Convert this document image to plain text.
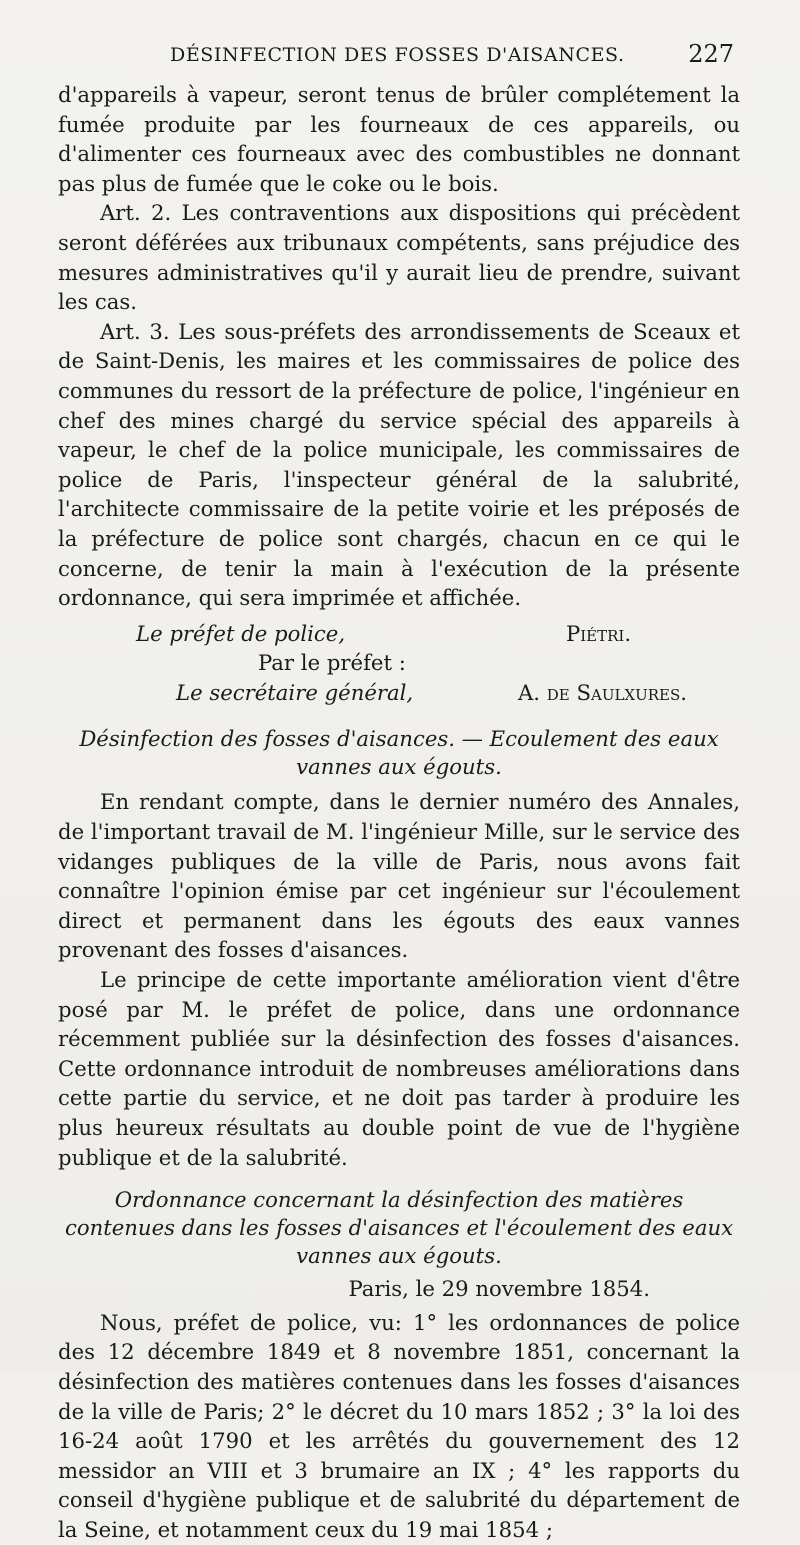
DÉSINFECTION DES FOSSES D'AISANCES.	227

d'appareils à vapeur, seront tenus de brûler complétement la fumée produite par les fourneaux de ces appareils, ou d'alimenter ces fourneaux avec des combustibles ne donnant pas plus de fumée que le coke ou le bois.

Art. 2. Les contraventions aux dispositions qui précèdent seront déférées aux tribunaux compétents, sans préjudice des mesures administratives qu'il y aurait lieu de prendre, suivant les cas.

Art. 3. Les sous-préfets des arrondissements de Sceaux et de Saint-Denis, les maires et les commissaires de police des communes du ressort de la préfecture de police, l'ingénieur en chef des mines chargé du service spécial des appareils à vapeur, le chef de la police municipale, les commissaires de police de Paris, l'inspecteur général de la salubrité, l'architecte commissaire de la petite voirie et les préposés de la préfecture de police sont chargés, chacun en ce qui le concerne, de tenir la main à l'exécution de la présente ordonnance, qui sera imprimée et affichée.

Le préfet de police,	Piétri.
Par le préfet :
Le secrétaire général,	A. de Saulxures.

Désinfection des fosses d'aisances. — Ecoulement des eaux vannes aux égouts.

En rendant compte, dans le dernier numéro des Annales, de l'important travail de M. l'ingénieur Mille, sur le service des vidanges publiques de la ville de Paris, nous avons fait connaître l'opinion émise par cet ingénieur sur l'écoulement direct et permanent dans les égouts des eaux vannes provenant des fosses d'aisances.

Le principe de cette importante amélioration vient d'être posé par M. le préfet de police, dans une ordonnance récemment publiée sur la désinfection des fosses d'aisances. Cette ordonnance introduit de nombreuses améliorations dans cette partie du service, et ne doit pas tarder à produire les plus heureux résultats au double point de vue de l'hygiène publique et de la salubrité.

Ordonnance concernant la désinfection des matières contenues dans les fosses d'aisances et l'écoulement des eaux vannes aux égouts.

Paris, le 29 novembre 1854.

Nous, préfet de police, vu: 1° les ordonnances de police des 12 décembre 1849 et 8 novembre 1851, concernant la désinfection des matières contenues dans les fosses d'aisances de la ville de Paris; 2° le décret du 10 mars 1852 ; 3° la loi des 16-24 août 1790 et les arrêtés du gouvernement des 12 messidor an VIII et 3 brumaire an IX ; 4° les rapports du conseil d'hygiène publique et de salubrité du département de la Seine, et notamment ceux du 19 mai 1854 ;
